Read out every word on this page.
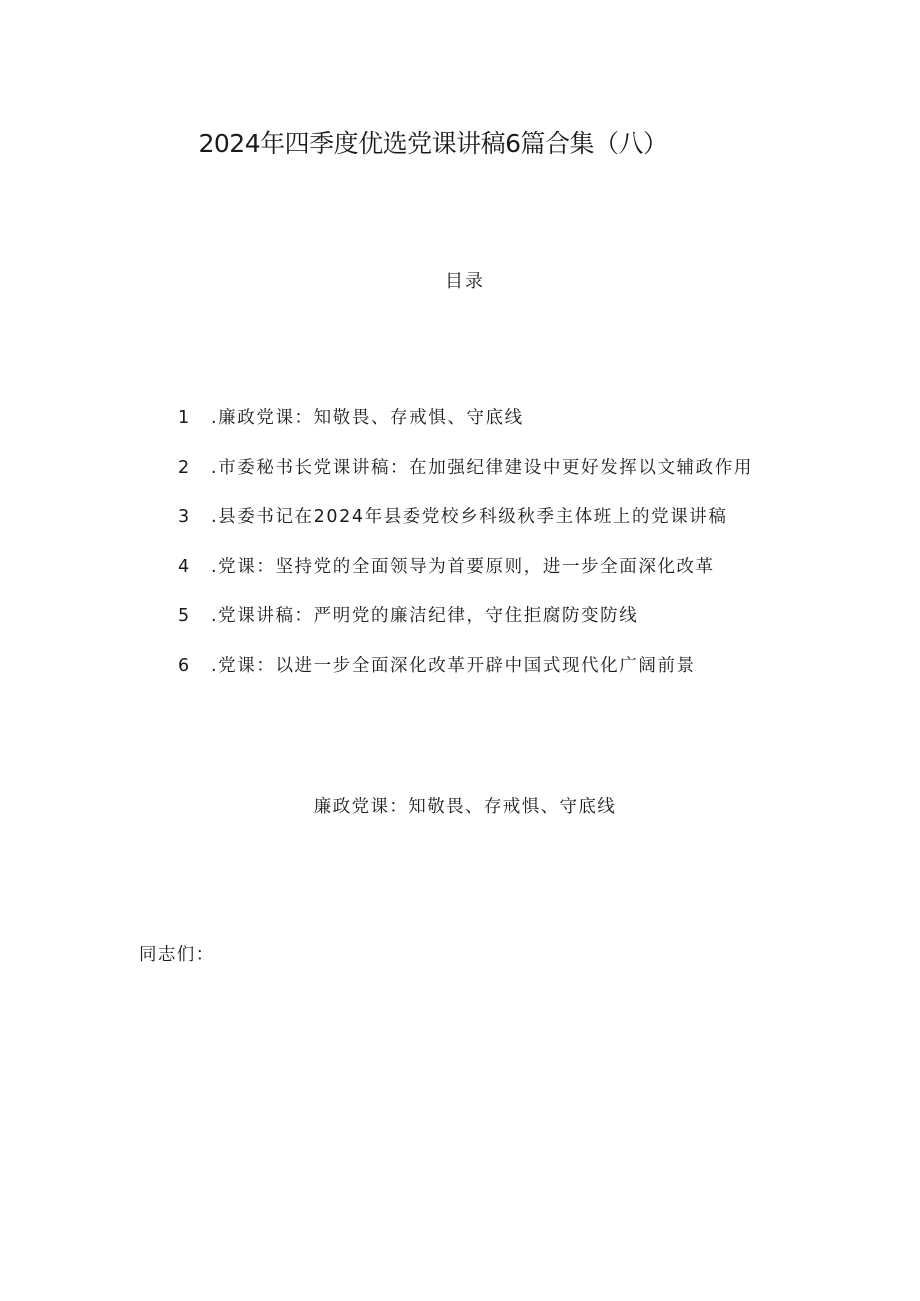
2024年四季度优选党课讲稿6篇合集（八）
目录
1 .廉政党课：知敬畏、存戒惧、守底线
2 .市委秘书长党课讲稿：在加强纪律建设中更好发挥以文辅政作用
3 .县委书记在2024年县委党校乡科级秋季主体班上的党课讲稿
4 .党课：坚持党的全面领导为首要原则，进一步全面深化改革
5 .党课讲稿：严明党的廉洁纪律，守住拒腐防变防线
6 .党课：以进一步全面深化改革开辟中国式现代化广阔前景
廉政党课：知敬畏、存戒惧、守底线
同志们：
